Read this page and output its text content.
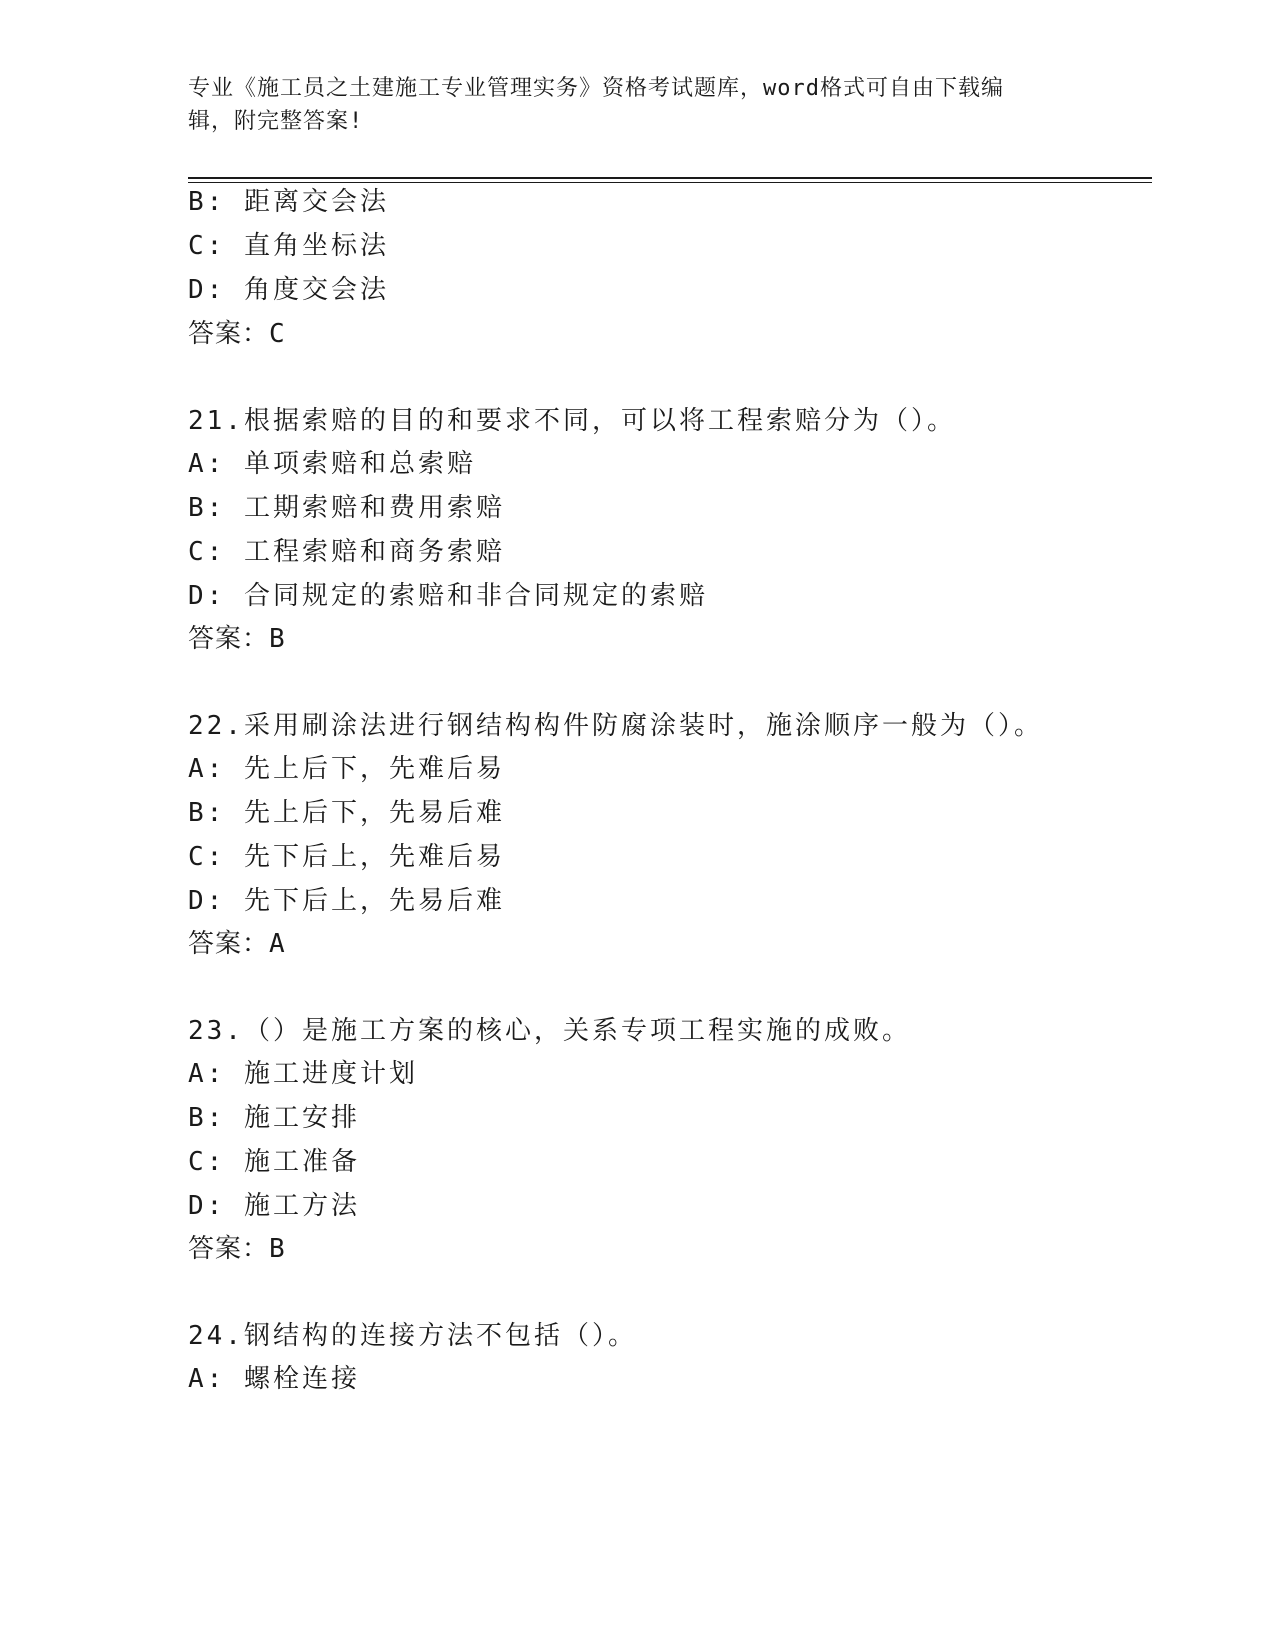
专业《施工员之土建施工专业管理实务》资格考试题库，word格式可自由下载编
辑，附完整答案!
B: 距离交会法
C: 直角坐标法
D: 角度交会法
答案：C
21.根据索赔的目的和要求不同，可以将工程索赔分为（）。
A: 单项索赔和总索赔
B: 工期索赔和费用索赔
C: 工程索赔和商务索赔
D: 合同规定的索赔和非合同规定的索赔
答案：B
22.采用刷涂法进行钢结构构件防腐涂装时，施涂顺序一般为（）。
A: 先上后下，先难后易
B: 先上后下，先易后难
C: 先下后上，先难后易
D: 先下后上，先易后难
答案：A
23.（）是施工方案的核心，关系专项工程实施的成败。
A: 施工进度计划
B: 施工安排
C: 施工准备
D: 施工方法
答案：B
24.钢结构的连接方法不包括（）。
A: 螺栓连接
